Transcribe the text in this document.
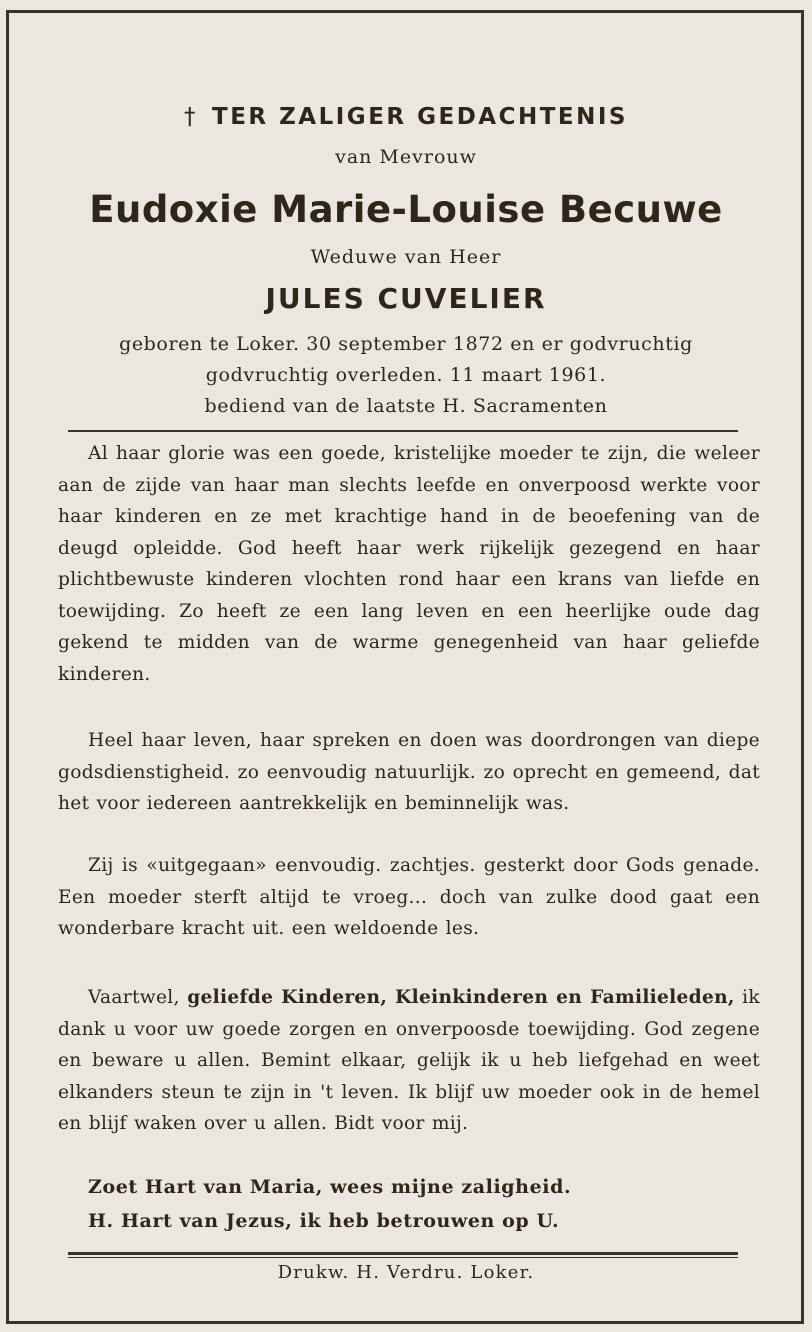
† TER ZALIGER GEDACHTENIS
van Mevrouw
Eudoxie Marie-Louise Becuwe
Weduwe van Heer
JULES CUVELIER
geboren te Loker. 30 september 1872 en er godvruchtig
godvruchtig overleden. 11 maart 1961.
bediend van de laatste H. Sacramenten

Al haar glorie was een goede, kristelijke moeder te zijn, die weleer aan de zijde van haar man slechts leefde en onverpoosd werkte voor haar kinderen en ze met krachtige hand in de beoefening van de deugd opleidde. God heeft haar werk rijkelijk gezegend en haar plichtbewuste kinderen vlochten rond haar een krans van liefde en toewijding. Zo heeft ze een lang leven en een heerlijke oude dag gekend te midden van de warme genegenheid van haar geliefde kinderen.

Heel haar leven, haar spreken en doen was doordrongen van diepe godsdienstigheid. zo eenvoudig natuurlijk. zo oprecht en gemeend, dat het voor iedereen aantrekkelijk en beminnelijk was.

Zij is «uitgegaan» eenvoudig. zachtjes. gesterkt door Gods genade. Een moeder sterft altijd te vroeg... doch van zulke dood gaat een wonderbare kracht uit. een weldoende les.

Vaartwel, geliefde Kinderen, Kleinkinderen en Familieleden, ik dank u voor uw goede zorgen en onverpoosde toewijding. God zegene en beware u allen. Bemint elkaar, gelijk ik u heb liefgehad en weet elkanders steun te zijn in 't leven. Ik blijf uw moeder ook in de hemel en blijf waken over u allen. Bidt voor mij.

Zoet Hart van Maria, wees mijne zaligheid.
H. Hart van Jezus, ik heb betrouwen op U.
Drukw. H. Verdru. Loker.
